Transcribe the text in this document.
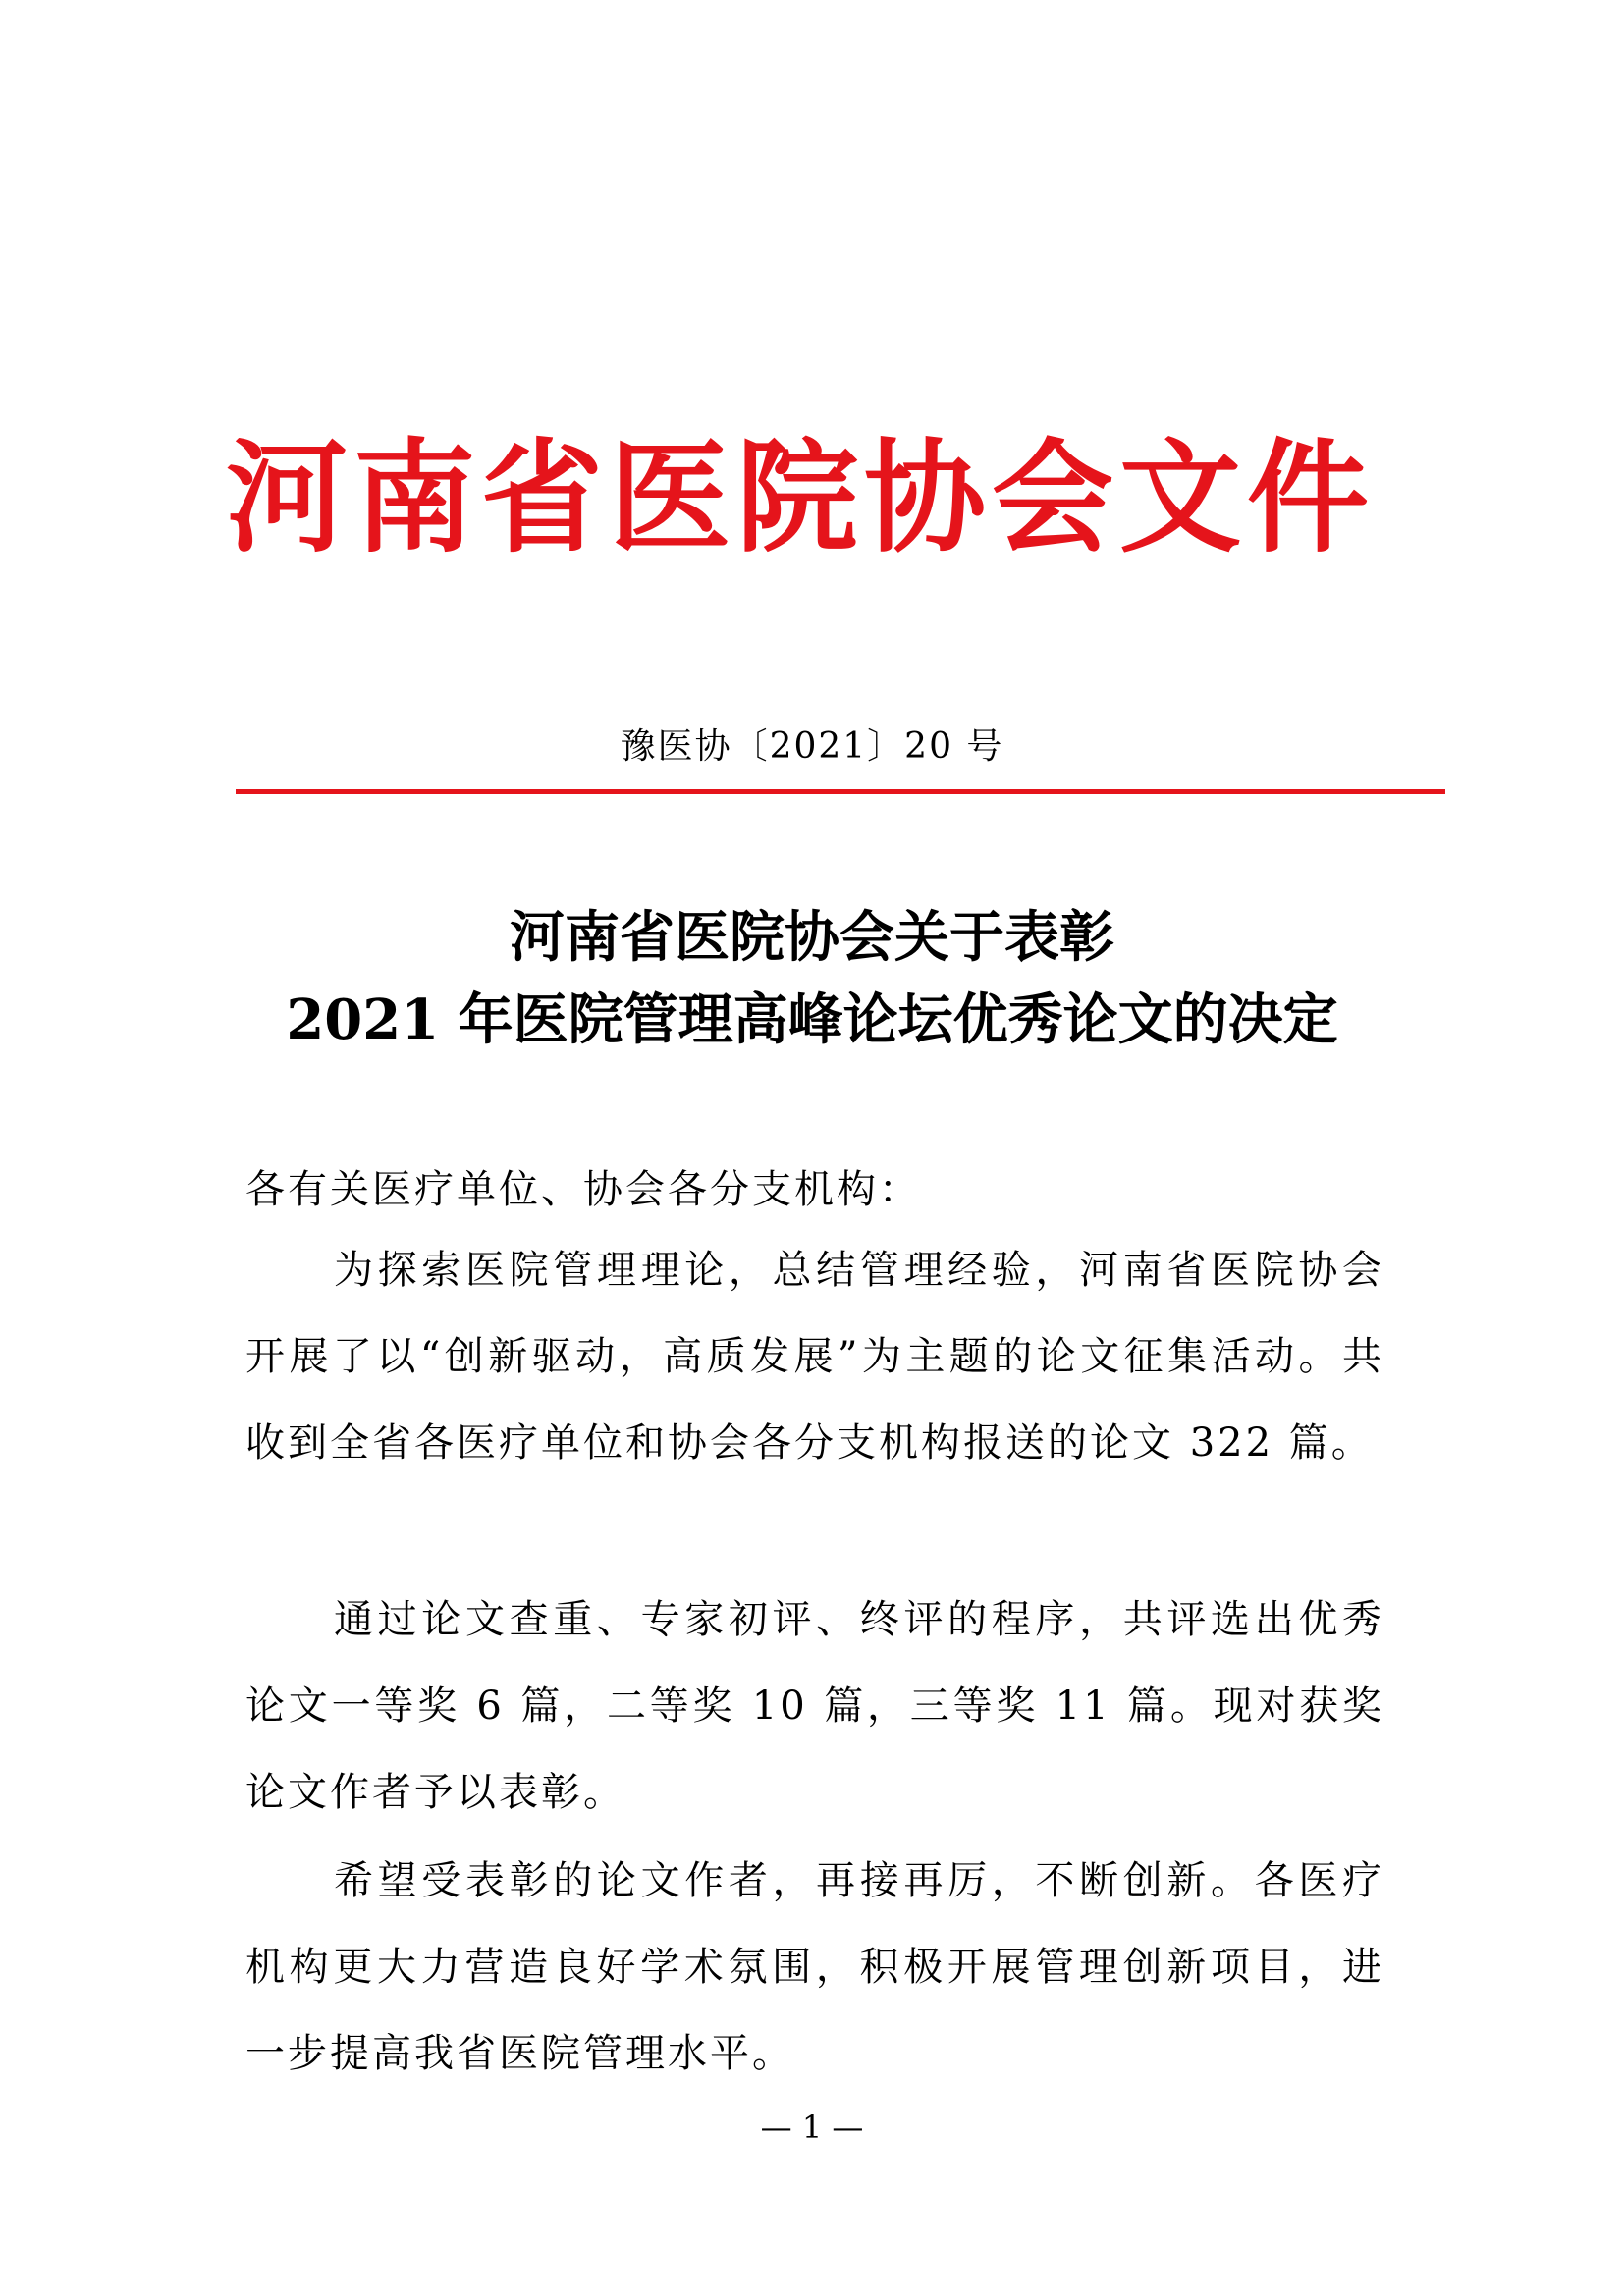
河南省医院协会文件
豫医协〔2021〕20 号
河南省医院协会关于表彰
2021 年医院管理高峰论坛优秀论文的决定
各有关医疗单位、协会各分支机构：

为探索医院管理理论，总结管理经验，河南省医院协会开展了以“创新驱动，高质发展”为主题的论文征集活动。共收到全省各医疗单位和协会各分支机构报送的论文 322 篇。

通过论文查重、专家初评、终评的程序，共评选出优秀论文一等奖 6 篇，二等奖 10 篇，三等奖 11 篇。现对获奖论文作者予以表彰。

希望受表彰的论文作者，再接再厉，不断创新。各医疗机构更大力营造良好学术氛围，积极开展管理创新项目，进一步提高我省医院管理水平。

— 1 —
